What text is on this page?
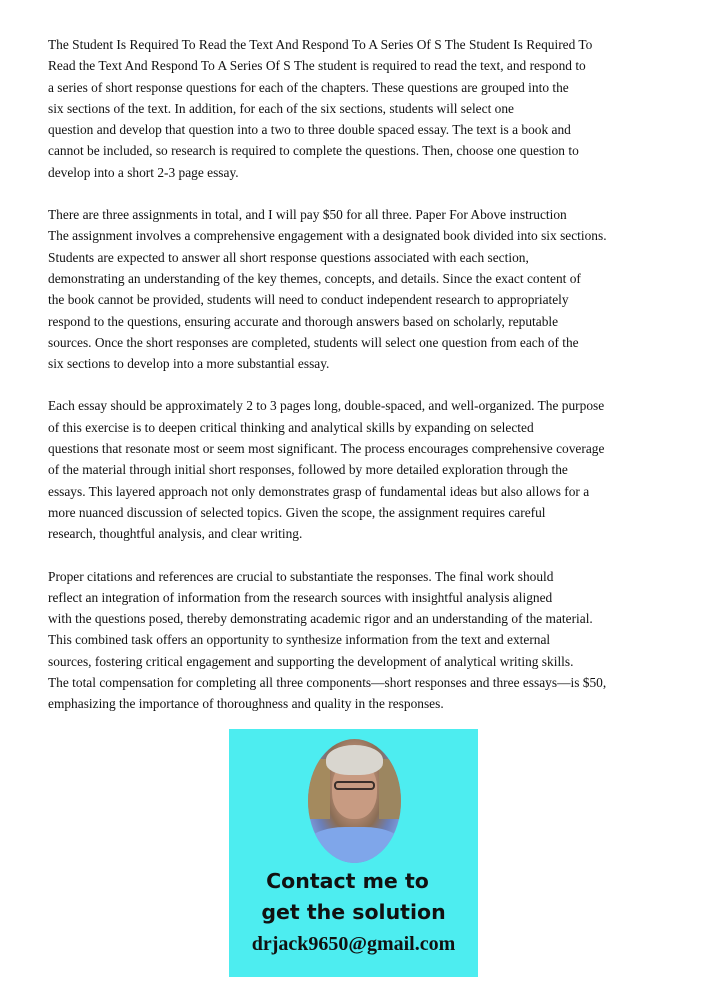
The Student Is Required To Read the Text And Respond To A Series Of S The Student Is Required To
Read the Text And Respond To A Series Of S The student is required to read the text, and respond to
a series of short response questions for each of the chapters. These questions are grouped into the
six sections of the text. In addition, for each of the six sections, students will select one
question and develop that question into a two to three double spaced essay. The text is a book and
cannot be included, so research is required to complete the questions. Then, choose one question to
develop into a short 2-3 page essay.
There are three assignments in total, and I will pay $50 for all three. Paper For Above instruction
The assignment involves a comprehensive engagement with a designated book divided into six sections.
Students are expected to answer all short response questions associated with each section,
demonstrating an understanding of the key themes, concepts, and details. Since the exact content of
the book cannot be provided, students will need to conduct independent research to appropriately
respond to the questions, ensuring accurate and thorough answers based on scholarly, reputable
sources. Once the short responses are completed, students will select one question from each of the
six sections to develop into a more substantial essay.
Each essay should be approximately 2 to 3 pages long, double-spaced, and well-organized. The purpose
of this exercise is to deepen critical thinking and analytical skills by expanding on selected
questions that resonate most or seem most significant. The process encourages comprehensive coverage
of the material through initial short responses, followed by more detailed exploration through the
essays. This layered approach not only demonstrates grasp of fundamental ideas but also allows for a
more nuanced discussion of selected topics. Given the scope, the assignment requires careful
research, thoughtful analysis, and clear writing.
Proper citations and references are crucial to substantiate the responses. The final work should
reflect an integration of information from the research sources with insightful analysis aligned
with the questions posed, thereby demonstrating academic rigor and an understanding of the material.
This combined task offers an opportunity to synthesize information from the text and external
sources, fostering critical engagement and supporting the development of analytical writing skills.
The total compensation for completing all three components—short responses and three essays—is $50,
emphasizing the importance of thoroughness and quality in the responses.
Contact me to
get the solution
drjack9650@gmail.com
